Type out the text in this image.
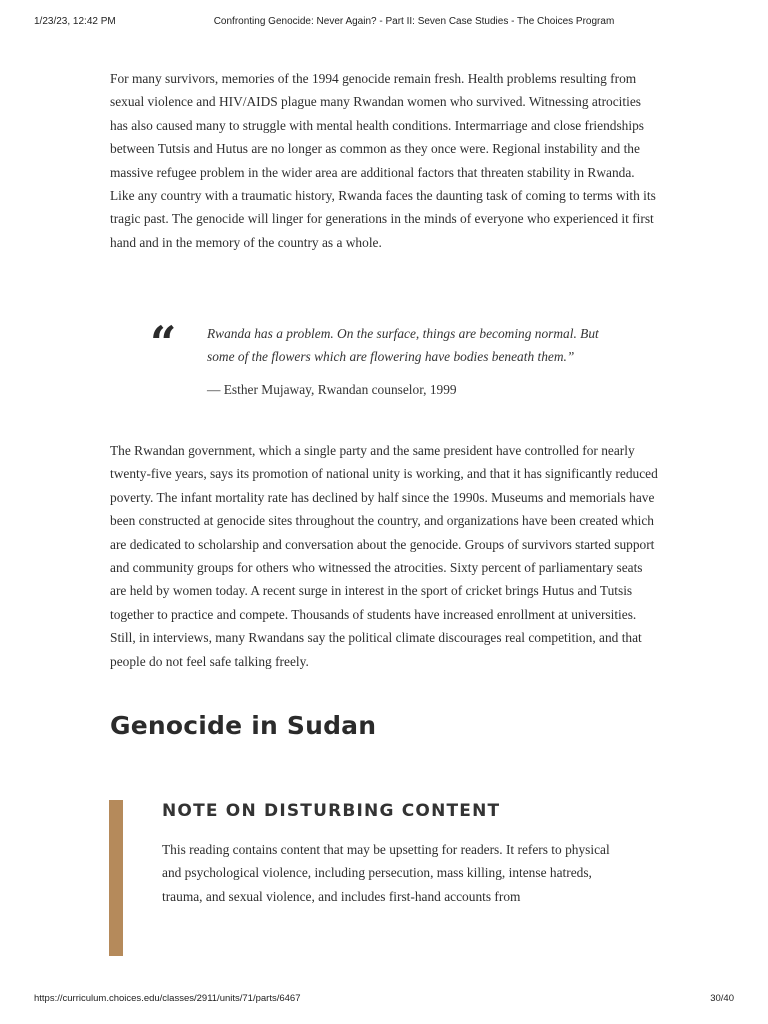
1/23/23, 12:42 PM	Confronting Genocide: Never Again? - Part II: Seven Case Studies - The Choices Program

For many survivors, memories of the 1994 genocide remain fresh. Health problems resulting from sexual violence and HIV/AIDS plague many Rwandan women who survived. Witnessing atrocities has also caused many to struggle with mental health conditions. Intermarriage and close friendships between Tutsis and Hutus are no longer as common as they once were. Regional instability and the massive refugee problem in the wider area are additional factors that threaten stability in Rwanda. Like any country with a traumatic history, Rwanda faces the daunting task of coming to terms with its tragic past. The genocide will linger for generations in the minds of everyone who experienced it first hand and in the memory of the country as a whole.

“ Rwanda has a problem. On the surface, things are becoming normal. But some of the flowers which are flowering have bodies beneath them.”

— Esther Mujaway, Rwandan counselor, 1999

The Rwandan government, which a single party and the same president have controlled for nearly twenty-five years, says its promotion of national unity is working, and that it has significantly reduced poverty. The infant mortality rate has declined by half since the 1990s. Museums and memorials have been constructed at genocide sites throughout the country, and organizations have been created which are dedicated to scholarship and conversation about the genocide. Groups of survivors started support and community groups for others who witnessed the atrocities. Sixty percent of parliamentary seats are held by women today. A recent surge in interest in the sport of cricket brings Hutus and Tutsis together to practice and compete. Thousands of students have increased enrollment at universities. Still, in interviews, many Rwandans say the political climate discourages real competition, and that people do not feel safe talking freely.

Genocide in Sudan
NOTE ON DISTURBING CONTENT

This reading contains content that may be upsetting for readers. It refers to physical and psychological violence, including persecution, mass killing, intense hatreds, trauma, and sexual violence, and includes first-hand accounts from

https://curriculum.choices.edu/classes/2911/units/71/parts/6467	30/40
